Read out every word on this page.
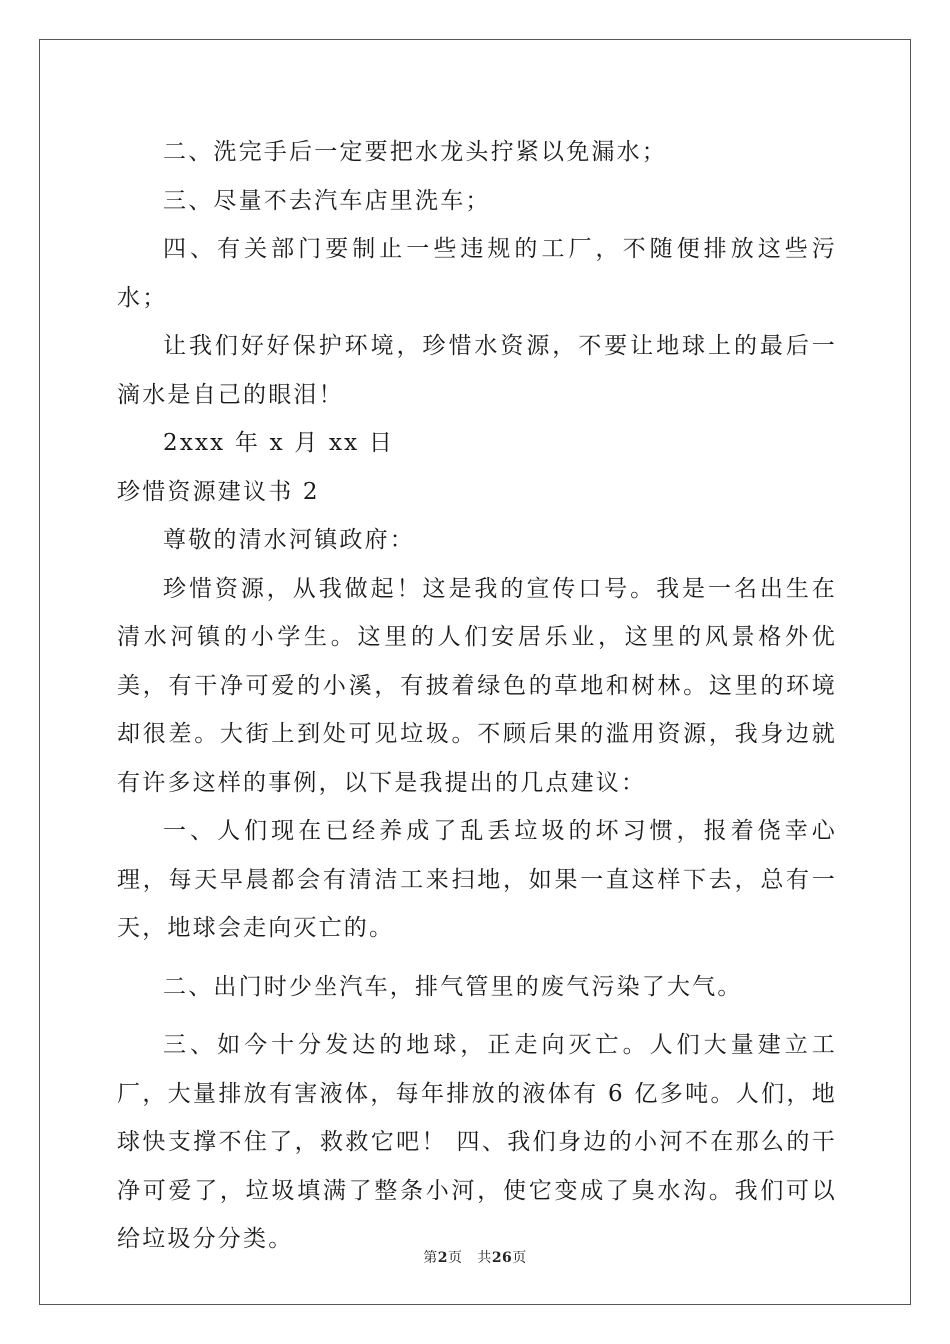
二、洗完手后一定要把水龙头拧紧以免漏水；

三、尽量不去汽车店里洗车；

四、有关部门要制止一些违规的工厂，不随便排放这些污水；

让我们好好保护环境，珍惜水资源，不要让地球上的最后一滴水是自己的眼泪！

2xxx 年 x 月 xx 日

珍惜资源建议书 2

尊敬的清水河镇政府：

珍惜资源，从我做起！这是我的宣传口号。我是一名出生在清水河镇的小学生。这里的人们安居乐业，这里的风景格外优美，有干净可爱的小溪，有披着绿色的草地和树林。这里的环境却很差。大街上到处可见垃圾。不顾后果的滥用资源，我身边就有许多这样的事例，以下是我提出的几点建议：

一、人们现在已经养成了乱丢垃圾的坏习惯，报着侥幸心理，每天早晨都会有清洁工来扫地，如果一直这样下去，总有一天，地球会走向灭亡的。

二、出门时少坐汽车，排气管里的废气污染了大气。

三、如今十分发达的地球，正走向灭亡。人们大量建立工厂，大量排放有害液体，每年排放的液体有 6 亿多吨。人们，地球快支撑不住了，救救它吧！ 四、我们身边的小河不在那么的干净可爱了，垃圾填满了整条小河，使它变成了臭水沟。我们可以给垃圾分分类。

第2页 共26页
